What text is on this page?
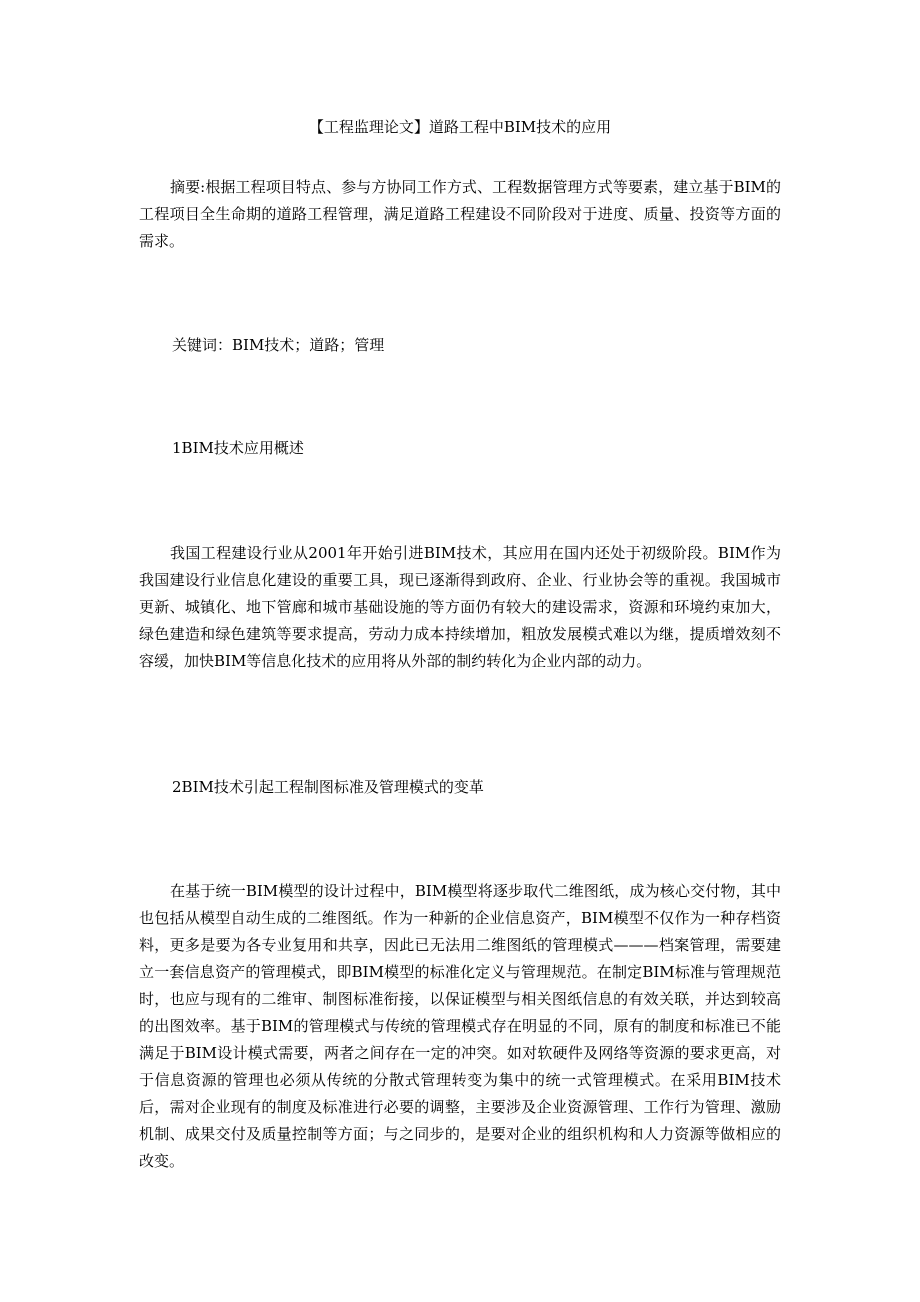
【工程监理论文】道路工程中BIM技术的应用

摘要:根据工程项目特点、参与方协同工作方式、工程数据管理方式等要素，建立基于BIM的工程项目全生命期的道路工程管理，满足道路工程建设不同阶段对于进度、质量、投资等方面的需求。

关键词：BIM技术；道路；管理
1BIM技术应用概述

我国工程建设行业从2001年开始引进BIM技术，其应用在国内还处于初级阶段。BIM作为我国建设行业信息化建设的重要工具，现已逐渐得到政府、企业、行业协会等的重视。我国城市更新、城镇化、地下管廊和城市基础设施的等方面仍有较大的建设需求，资源和环境约束加大，绿色建造和绿色建筑等要求提高，劳动力成本持续增加，粗放发展模式难以为继，提质增效刻不容缓，加快BIM等信息化技术的应用将从外部的制约转化为企业内部的动力。

2BIM技术引起工程制图标准及管理模式的变革

在基于统一BIM模型的设计过程中，BIM模型将逐步取代二维图纸，成为核心交付物，其中也包括从模型自动生成的二维图纸。作为一种新的企业信息资产，BIM模型不仅作为一种存档资料，更多是要为各专业复用和共享，因此已无法用二维图纸的管理模式———档案管理，需要建立一套信息资产的管理模式，即BIM模型的标准化定义与管理规范。在制定BIM标准与管理规范时，也应与现有的二维审、制图标准衔接，以保证模型与相关图纸信息的有效关联，并达到较高的出图效率。基于BIM的管理模式与传统的管理模式存在明显的不同，原有的制度和标准已不能满足于BIM设计模式需要，两者之间存在一定的冲突。如对软硬件及网络等资源的要求更高，对于信息资源的管理也必须从传统的分散式管理转变为集中的统一式管理模式。在采用BIM技术后，需对企业现有的制度及标准进行必要的调整，主要涉及企业资源管理、工作行为管理、激励机制、成果交付及质量控制等方面；与之同步的，是要对企业的组织机构和人力资源等做相应的改变。
